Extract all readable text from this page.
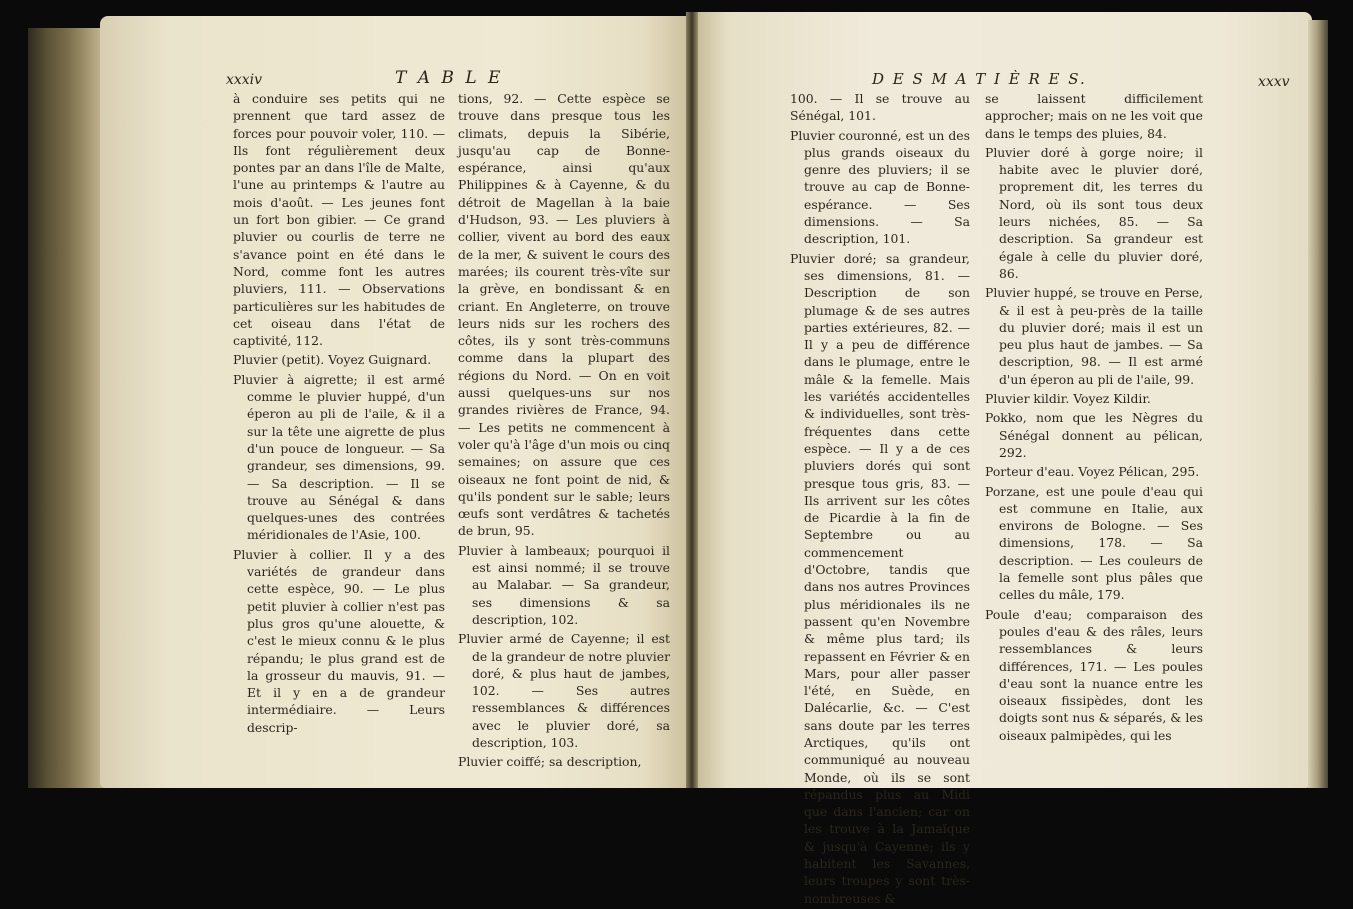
xxxiv	T A B L E	D E S M A T I È R E S.	xxxv

à conduire ses petits qui ne prennent que tard assez de forces pour pouvoir voler, 110. — Ils font régulièrement deux pontes par an dans l'île de Malte, l'une au printemps & l'autre au mois d'août. — Les jeunes font un fort bon gibier. — Ce grand pluvier ou courlis de terre ne s'avance point en été dans le Nord, comme font les autres pluviers, 111. — Observations particulières sur les habitudes de cet oiseau dans l'état de captivité, 112.

Pluvier (petit). Voyez Guignard.

Pluvier à aigrette; il est armé comme le pluvier huppé, d'un éperon au pli de l'aile, & il a sur la tête une aigrette de plus d'un pouce de longueur. — Sa grandeur, ses dimensions, 99. — Sa description. — Il se trouve au Sénégal & dans quelques-unes des contrées méridionales de l'Asie, 100.

Pluvier à collier. Il y a des variétés de grandeur dans cette espèce, 90. — Le plus petit pluvier à collier n'est pas plus gros qu'une alouette, & c'est le mieux connu & le plus répandu; le plus grand est de la grosseur du mauvis, 91. — Et il y en a de grandeur intermédiaire. — Leurs descrip-

tions, 92. — Cette espèce se trouve dans presque tous les climats, depuis la Sibérie, jusqu'au cap de Bonne-espérance, ainsi qu'aux Philippines & à Cayenne, & du détroit de Magellan à la baie d'Hudson, 93. — Les pluviers à collier, vivent au bord des eaux de la mer, & suivent le cours des marées; ils courent très-vîte sur la grève, en bondissant & en criant. En Angleterre, on trouve leurs nids sur les rochers des côtes, ils y sont très-communs comme dans la plupart des régions du Nord. — On en voit aussi quelques-uns sur nos grandes rivières de France, 94. — Les petits ne commencent à voler qu'à l'âge d'un mois ou cinq semaines; on assure que ces oiseaux ne font point de nid, & qu'ils pondent sur le sable; leurs œufs sont verdâtres & tachetés de brun, 95.

Pluvier à lambeaux; pourquoi il est ainsi nommé; il se trouve au Malabar. — Sa grandeur, ses dimensions & sa description, 102.

Pluvier armé de Cayenne; il est de la grandeur de notre pluvier doré, & plus haut de jambes, 102. — Ses autres ressemblances & différences avec le pluvier doré, sa description, 103.

Pluvier coiffé; sa description,

100. — Il se trouve au Sénégal, 101.

Pluvier couronné, est un des plus grands oiseaux du genre des pluviers; il se trouve au cap de Bonne-espérance. — Ses dimensions. — Sa description, 101.

Pluvier doré; sa grandeur, ses dimensions, 81. — Description de son plumage & de ses autres parties extérieures, 82. — Il y a peu de différence dans le plumage, entre le mâle & la femelle. Mais les variétés accidentelles & individuelles, sont très-fréquentes dans cette espèce. — Il y a de ces pluviers dorés qui sont presque tous gris, 83. — Ils arrivent sur les côtes de Picardie à la fin de Septembre ou au commencement d'Octobre, tandis que dans nos autres Provinces plus méridionales ils ne passent qu'en Novembre & même plus tard; ils repassent en Février & en Mars, pour aller passer l'été, en Suède, en Dalécarlie, &c. — C'est sans doute par les terres Arctiques, qu'ils ont communiqué au nouveau Monde, où ils se sont répandus plus au Midi que dans l'ancien; car on les trouve à la Jamaïque & jusqu'à Cayenne; ils y habitent les Savannes, leurs troupes y sont très-nombreuses &

se laissent difficilement approcher; mais on ne les voit que dans le temps des pluies, 84.

Pluvier doré à gorge noire; il habite avec le pluvier doré, proprement dit, les terres du Nord, où ils sont tous deux leurs nichées, 85. — Sa description. Sa grandeur est égale à celle du pluvier doré, 86.

Pluvier huppé, se trouve en Perse, & il est à peu-près de la taille du pluvier doré; mais il est un peu plus haut de jambes. — Sa description, 98. — Il est armé d'un éperon au pli de l'aile, 99.

Pluvier kildir. Voyez Kildir.

Pokko, nom que les Nègres du Sénégal donnent au pélican, 292.

Porteur d'eau. Voyez Pélican, 295.

Porzane, est une poule d'eau qui est commune en Italie, aux environs de Bologne. — Ses dimensions, 178. — Sa description. — Les couleurs de la femelle sont plus pâles que celles du mâle, 179.

Poule d'eau; comparaison des poules d'eau & des râles, leurs ressemblances & leurs différences, 171. — Les poules d'eau sont la nuance entre les oiseaux fissipèdes, dont les doigts sont nus & séparés, & les oiseaux palmipèdes, qui les
